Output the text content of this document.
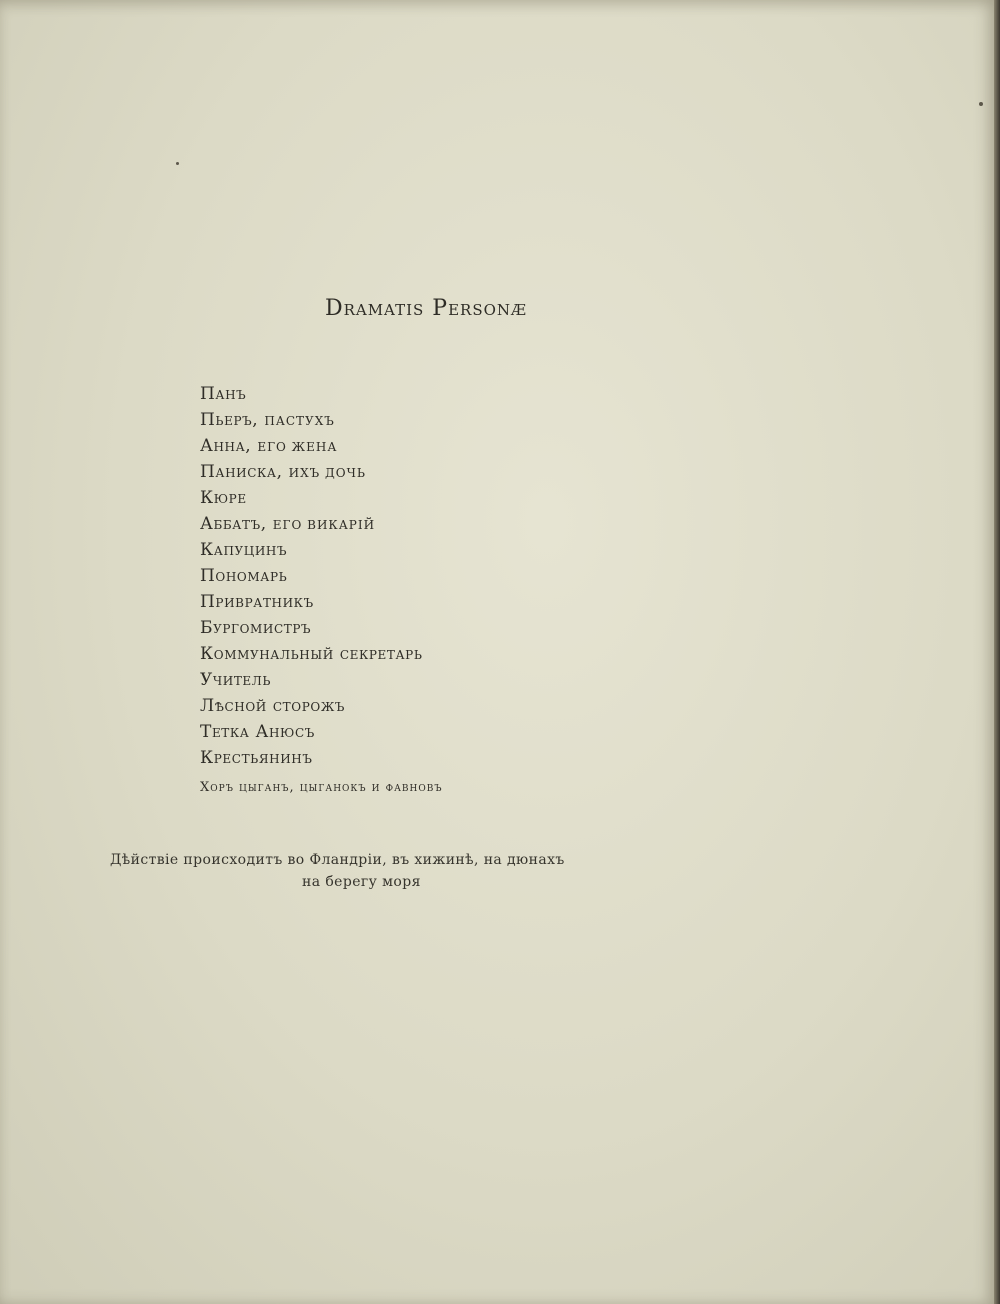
Dramatis Personæ
Панъ
Пьеръ, ПАСТУХЪ
Анна, ЕГО ЖЕНА
Паниска, ИХЪ ДОЧЬ
Кюре
Аббатъ, ЕГО ВИКАРІЙ
Капуцинъ
Пономарь
Привратникъ
Бургомистръ
Коммунальный секретарь
Учитель
Лѣсной сторожъ
Тетка Анюсъ
Крестьянинъ
Хоръ цыганъ, цыганокъ и фавновъ
Дѣйствіе происходитъ во Фландріи, въ хижинѣ, на дюнахъ
на берегу моря
